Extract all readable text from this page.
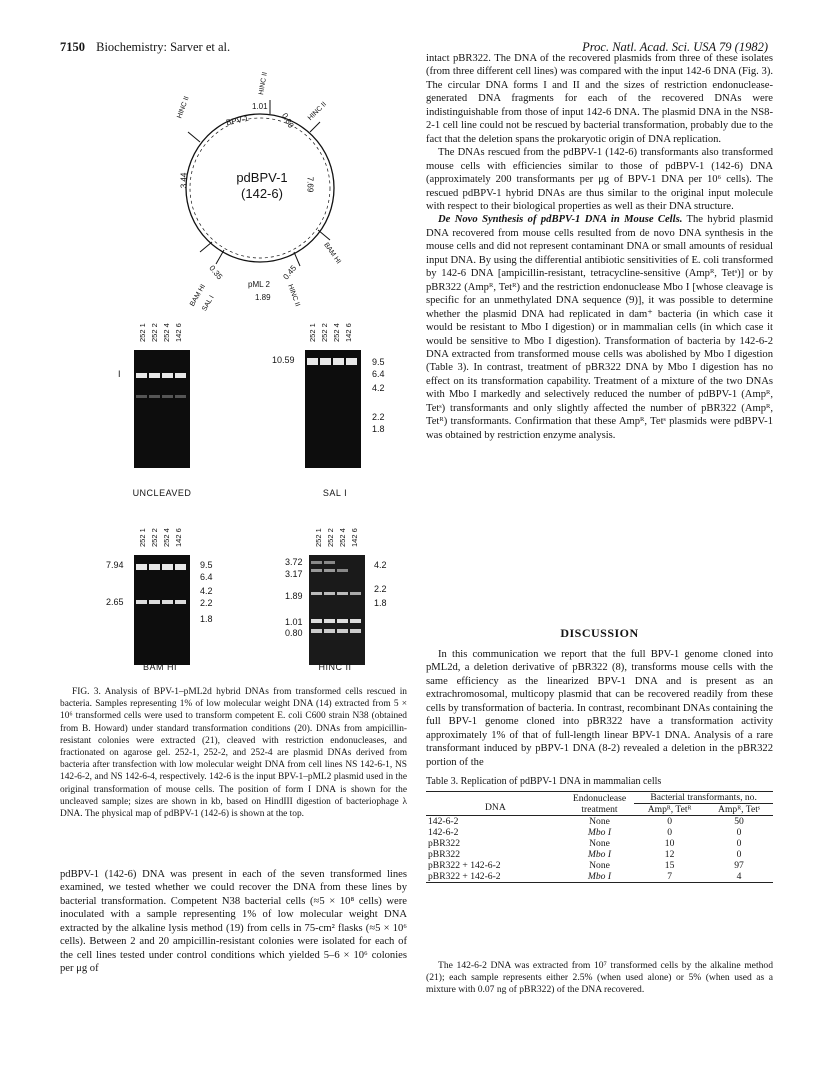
7150 Biochemistry: Sarver et al.	Proc. Natl. Acad. Sci. USA 79 (1982)
pdBPV-1
(142-6)
BPV-1
pML 2
1.01
0.80
3.44	7.69
0.35	0.45
1.89
HINC II
HINC II
HINC II
BAM HI
HINC II
BAM HI
SAL I
252 1 252 2 252 4 142 6
I
UNCLEAVED
252 1 252 2 252 4 142 6
10.59	9.5
6.4
4.2
2.2
1.8
SAL I
252 1 252 2 252 4 142 6
7.94
2.65
9.5
6.4
4.2
2.2
1.8
BAM HI
252 1 252 2 252 4 142 6
3.72
3.17
1.89
1.01
0.80
4.2
2.2
1.8
HINC II

FIG. 3. Analysis of BPV-1–pML2d hybrid DNAs from transformed cells rescued in bacteria. Samples representing 1% of low molecular weight DNA (14) extracted from 5 × 10⁶ transformed cells were used to transform competent E. coli C600 strain N38 (obtained from B. Howard) under standard transformation conditions (20). DNAs from ampicillin-resistant colonies were extracted (21), cleaved with restriction endonucleases, and fractionated on agarose gel. 252-1, 252-2, and 252-4 are plasmid DNAs derived from bacteria after transfection with low molecular weight DNA from cell lines NS 142-6-1, NS 142-6-2, and NS 142-6-4, respectively. 142-6 is the input BPV-1–pML2 plasmid used in the original transformation of mouse cells. The position of form I DNA is shown for the uncleaved sample; sizes are shown in kb, based on HindIII digestion of bacteriophage λ DNA. The physical map of pdBPV-1 (142-6) is shown at the top.

pdBPV-1 (142-6) DNA was present in each of the seven transformed lines examined, we tested whether we could recover the DNA from these lines by bacterial transformation. Competent N38 bacterial cells (≈5 × 10⁸ cells) were inoculated with a sample representing 1% of low molecular weight DNA extracted by the alkaline lysis method (19) from cells in 75-cm² flasks (≈5 × 10⁶ cells). Between 2 and 20 ampicillin-resistant colonies were isolated for each of the cell lines tested under control conditions which yielded 5–6 × 10⁶ colonies per μg of

intact pBR322. The DNA of the recovered plasmids from three of these isolates (from three different cell lines) was compared with the input 142-6 DNA (Fig. 3). The circular DNA forms I and II and the sizes of restriction endonuclease-generated DNA fragments for each of the recovered DNAs were indistinguishable from those of input 142-6 DNA. The plasmid DNA in the NS8-2-1 cell line could not be rescued by bacterial transformation, probably due to the fact that the deletion spans the prokaryotic origin of DNA replication.

The DNAs rescued from the pdBPV-1 (142-6) transformants also transformed mouse cells with efficiencies similar to those of pdBPV-1 (142-6) DNA (approximately 200 transformants per μg of BPV-1 DNA per 10⁶ cells). The rescued pdBPV-1 hybrid DNAs are thus similar to the original input molecule with respect to their biological properties as well as their DNA structure.

De Novo Synthesis of pdBPV-1 DNA in Mouse Cells. The hybrid plasmid DNA recovered from mouse cells resulted from de novo DNA synthesis in the mouse cells and did not represent contaminant DNA or small amounts of residual input DNA. By using the differential antibiotic sensitivities of E. coli transformed by 142-6 DNA [ampicillin-resistant, tetracycline-sensitive (Ampᴿ, Tetˢ)] or by pBR322 (Ampᴿ, Tetᴿ) and the restriction endonuclease Mbo I [whose cleavage is specific for an unmethylated DNA sequence (9)], it was possible to determine whether the plasmid DNA had replicated in dam⁺ bacteria (in which case it would be resistant to Mbo I digestion) or in mammalian cells (in which case it would be sensitive to Mbo I digestion). Transformation of bacteria by 142-6-2 DNA extracted from transformed mouse cells was abolished by Mbo I digestion (Table 3). In contrast, treatment of pBR322 DNA by Mbo I digestion has no effect on its transformation capability. Treatment of a mixture of the two DNAs with Mbo I markedly and selectively reduced the number of pdBPV-1 (Ampᴿ, Tetˢ) transformants and only slightly affected the number of pBR322 (Ampᴿ, Tetᴿ) transformants. Confirmation that these Ampᴿ, Tetˢ plasmids were pdBPV-1 was obtained by restriction enzyme analysis.

DISCUSSION

In this communication we report that the full BPV-1 genome cloned into pML2d, a deletion derivative of pBR322 (8), transforms mouse cells with the same efficiency as the linearized BPV-1 DNA and is present as an extrachromosomal, multicopy plasmid that can be recovered readily from these cells by transformation of bacteria. In contrast, recombinant DNAs containing the full BPV-1 genome cloned into pBR322 have a transformation activity approximately 1% of that of full-length linear BPV-1 DNA. Analysis of a rare transformant induced by pBPV-1 DNA (8-2) revealed a deletion in the pBR322 portion of the

Table 3. Replication of pdBPV-1 DNA in mammalian cells
DNA	Endonuclease treatment	Bacterial transformants, no.	
		Ampᴿ, Tetᴿ	Ampᴿ, Tetˢ
142-6-2	None	0	50
142-6-2	Mbo I	0	0
pBR322	None	10	0
pBR322	Mbo I	12	0
pBR322 + 142-6-2	None	15	97
pBR322 + 142-6-2	Mbo I	7	4
The 142-6-2 DNA was extracted from 10⁷ transformed cells by the alkaline method (21); each sample represents either 2.5% (when used alone) or 5% (when used as a mixture with 0.07 ng of pBR322) of the DNA recovered.
